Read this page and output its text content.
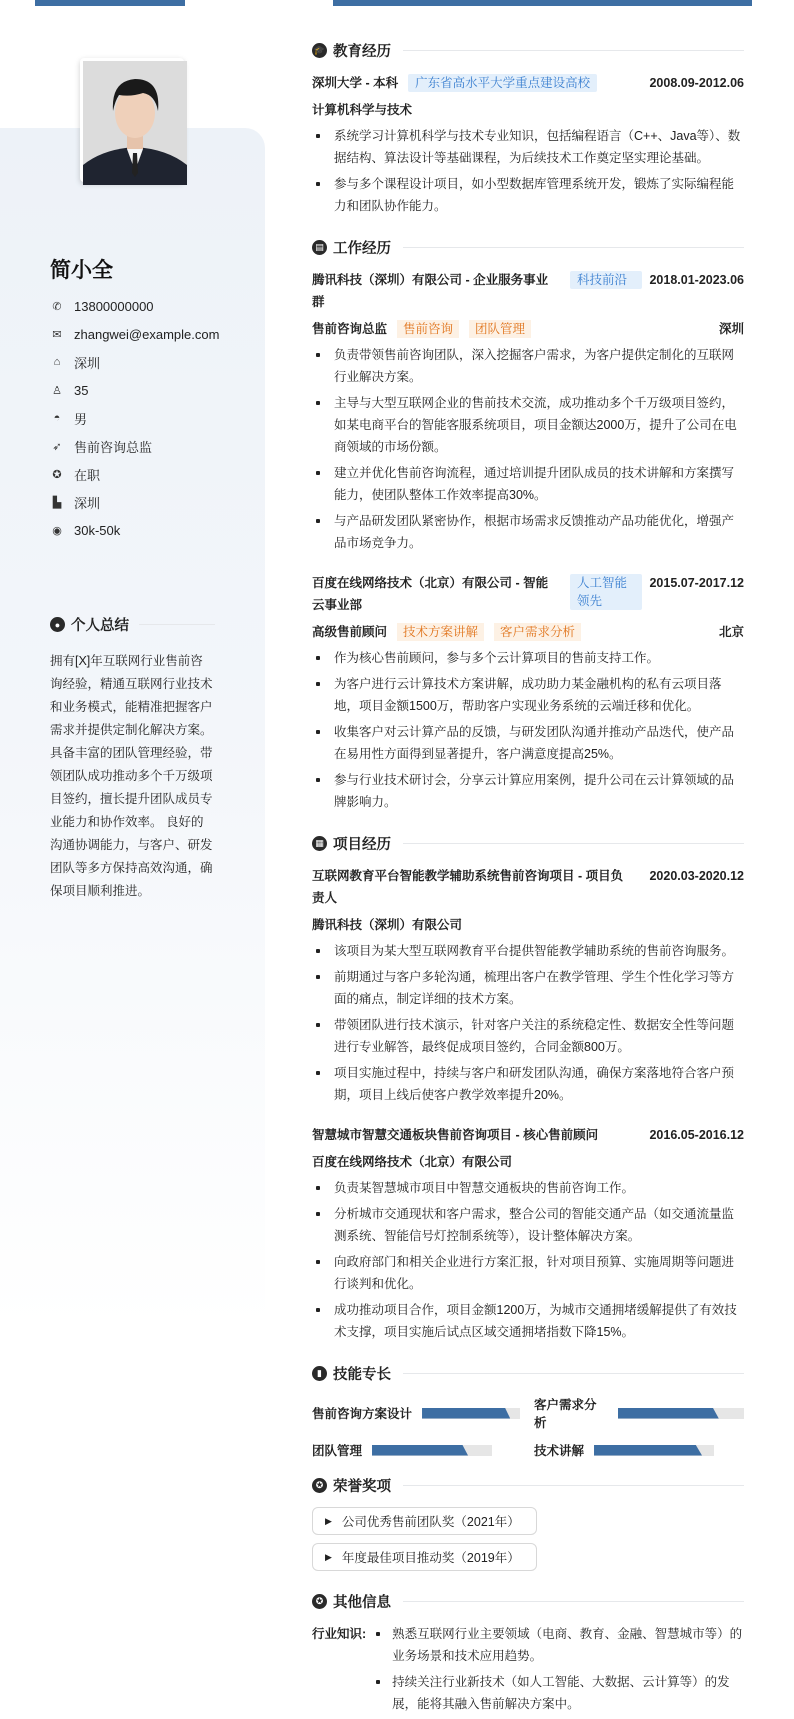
简小全
✆ 13800000000
✉ zhangwei@example.com
⌂ 深圳
♙ 35
◓ 男
➶ 售前咨询总监
✪ 在职
▙ 深圳
◉ 30k-50k
● 个人总结
拥有[X]年互联网行业售前咨询经验，精通互联网行业技术和业务模式，能精准把握客户需求并提供定制化解决方案。 具备丰富的团队管理经验，带领团队成功推动多个千万级项目签约，擅长提升团队成员专业能力和协作效率。 良好的沟通协调能力，与客户、研发团队等多方保持高效沟通，确保项目顺利推进。
🎓 教育经历
深圳大学 - 本科	广东省高水平大学重点建设高校	2008.09-2012.06
计算机科学与技术
系统学习计算机科学与技术专业知识，包括编程语言（C++、Java等）、数据结构、算法设计等基础课程，为后续技术工作奠定坚实理论基础。
参与多个课程设计项目，如小型数据库管理系统开发，锻炼了实际编程能力和团队协作能力。
▤ 工作经历
腾讯科技（深圳）有限公司 - 企业服务事业群
科技前沿	2018.01-2023.06
售前咨询总监	售前咨询	团队管理	深圳
负责带领售前咨询团队，深入挖掘客户需求，为客户提供定制化的互联网行业解决方案。
主导与大型互联网企业的售前技术交流，成功推动多个千万级项目签约，如某电商平台的智能客服系统项目，项目金额达2000万，提升了公司在电商领域的市场份额。
建立并优化售前咨询流程，通过培训提升团队成员的技术讲解和方案撰写能力，使团队整体工作效率提高30%。
与产品研发团队紧密协作，根据市场需求反馈推动产品功能优化，增强产品市场竞争力。
百度在线网络技术（北京）有限公司 - 智能云事业部
人工智能领先
2015.07-2017.12
高级售前顾问	技术方案讲解	客户需求分析	北京
作为核心售前顾问，参与多个云计算项目的售前支持工作。
为客户进行云计算技术方案讲解，成功助力某金融机构的私有云项目落地，项目金额1500万，帮助客户实现业务系统的云端迁移和优化。
收集客户对云计算产品的反馈，与研发团队沟通并推动产品迭代，使产品在易用性方面得到显著提升，客户满意度提高25%。
参与行业技术研讨会，分享云计算应用案例，提升公司在云计算领域的品牌影响力。
▦ 项目经历
互联网教育平台智能教学辅助系统售前咨询项目 - 项目负责人
2020.03-2020.12
腾讯科技（深圳）有限公司
该项目为某大型互联网教育平台提供智能教学辅助系统的售前咨询服务。
前期通过与客户多轮沟通，梳理出客户在教学管理、学生个性化学习等方面的痛点，制定详细的技术方案。
带领团队进行技术演示，针对客户关注的系统稳定性、数据安全性等问题进行专业解答，最终促成项目签约，合同金额800万。
项目实施过程中，持续与客户和研发团队沟通，确保方案落地符合客户预期，项目上线后使客户教学效率提升20%。
智慧城市智慧交通板块售前咨询项目 - 核心售前顾问	2016.05-2016.12
百度在线网络技术（北京）有限公司
负责某智慧城市项目中智慧交通板块的售前咨询工作。
分析城市交通现状和客户需求，整合公司的智能交通产品（如交通流量监测系统、智能信号灯控制系统等），设计整体解决方案。
向政府部门和相关企业进行方案汇报，针对项目预算、实施周期等问题进行谈判和优化。
成功推动项目合作，项目金额1200万，为城市交通拥堵缓解提供了有效技术支撑，项目实施后试点区域交通拥堵指数下降15%。
▮ 技能专长
售前咨询方案设计
客户需求分析
团队管理	技术讲解
✪ 荣誉奖项
▶ 公司优秀售前团队奖（2021年）
▶ 年度最佳项目推动奖（2019年）
✪ 其他信息
行业知识:	熟悉互联网行业主要领域（电商、教育、金融、智慧城市等）的业务场景和技术应用趋势。
持续关注行业新技术（如人工智能、大数据、云计算等）的发展，能将其融入售前解决方案中。
